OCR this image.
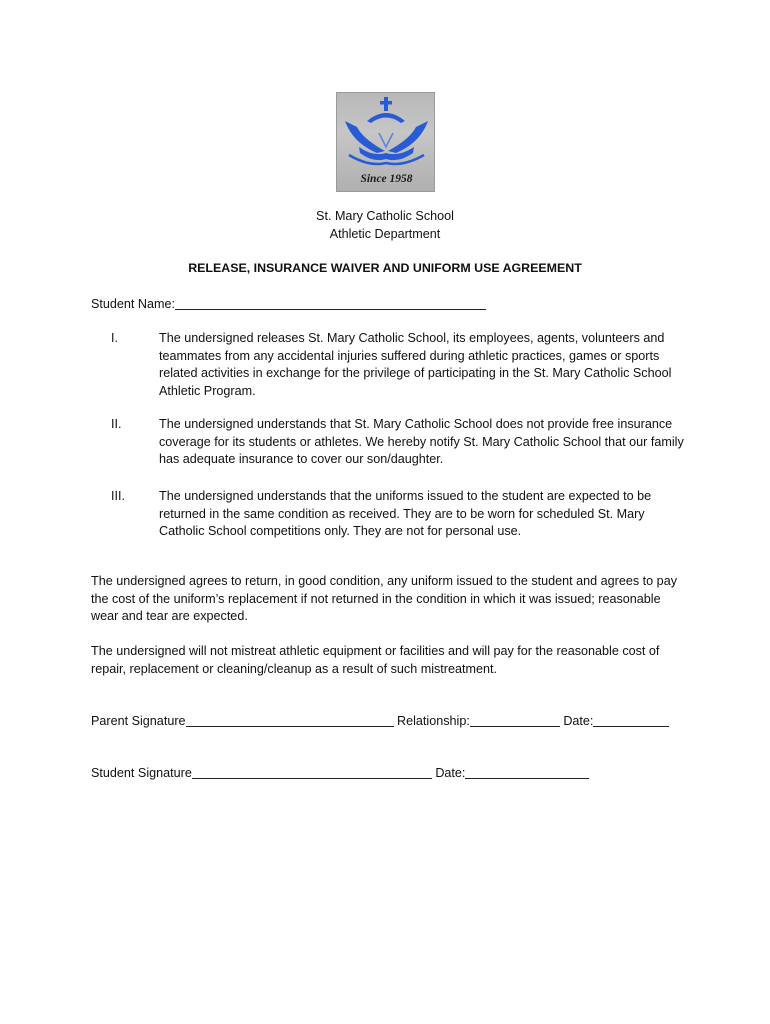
Since 1958
St. Mary Catholic School
Athletic Department
RELEASE, INSURANCE WAIVER AND UNIFORM USE AGREEMENT
Student Name:
I.	The undersigned releases St. Mary Catholic School, its employees, agents, volunteers and teammates from any accidental injuries suffered during athletic practices, games or sports related activities in exchange for the privilege of participating in the St. Mary Catholic School Athletic Program.
II.	The undersigned understands that St. Mary Catholic School does not provide free insurance coverage for its students or athletes. We hereby notify St. Mary Catholic School that our family has adequate insurance to cover our son/daughter.
III.	The undersigned understands that the uniforms issued to the student are expected to be returned in the same condition as received. They are to be worn for scheduled St. Mary Catholic School competitions only. They are not for personal use.
The undersigned agrees to return, in good condition, any uniform issued to the student and agrees to pay the cost of the uniform’s replacement if not returned in the condition in which it was issued; reasonable wear and tear are expected.
The undersigned will not mistreat athletic equipment or facilities and will pay for the reasonable cost of repair, replacement or cleaning/cleanup as a result of such mistreatment.
Parent Signature	Relationship:	Date:
Student Signature	Date:
